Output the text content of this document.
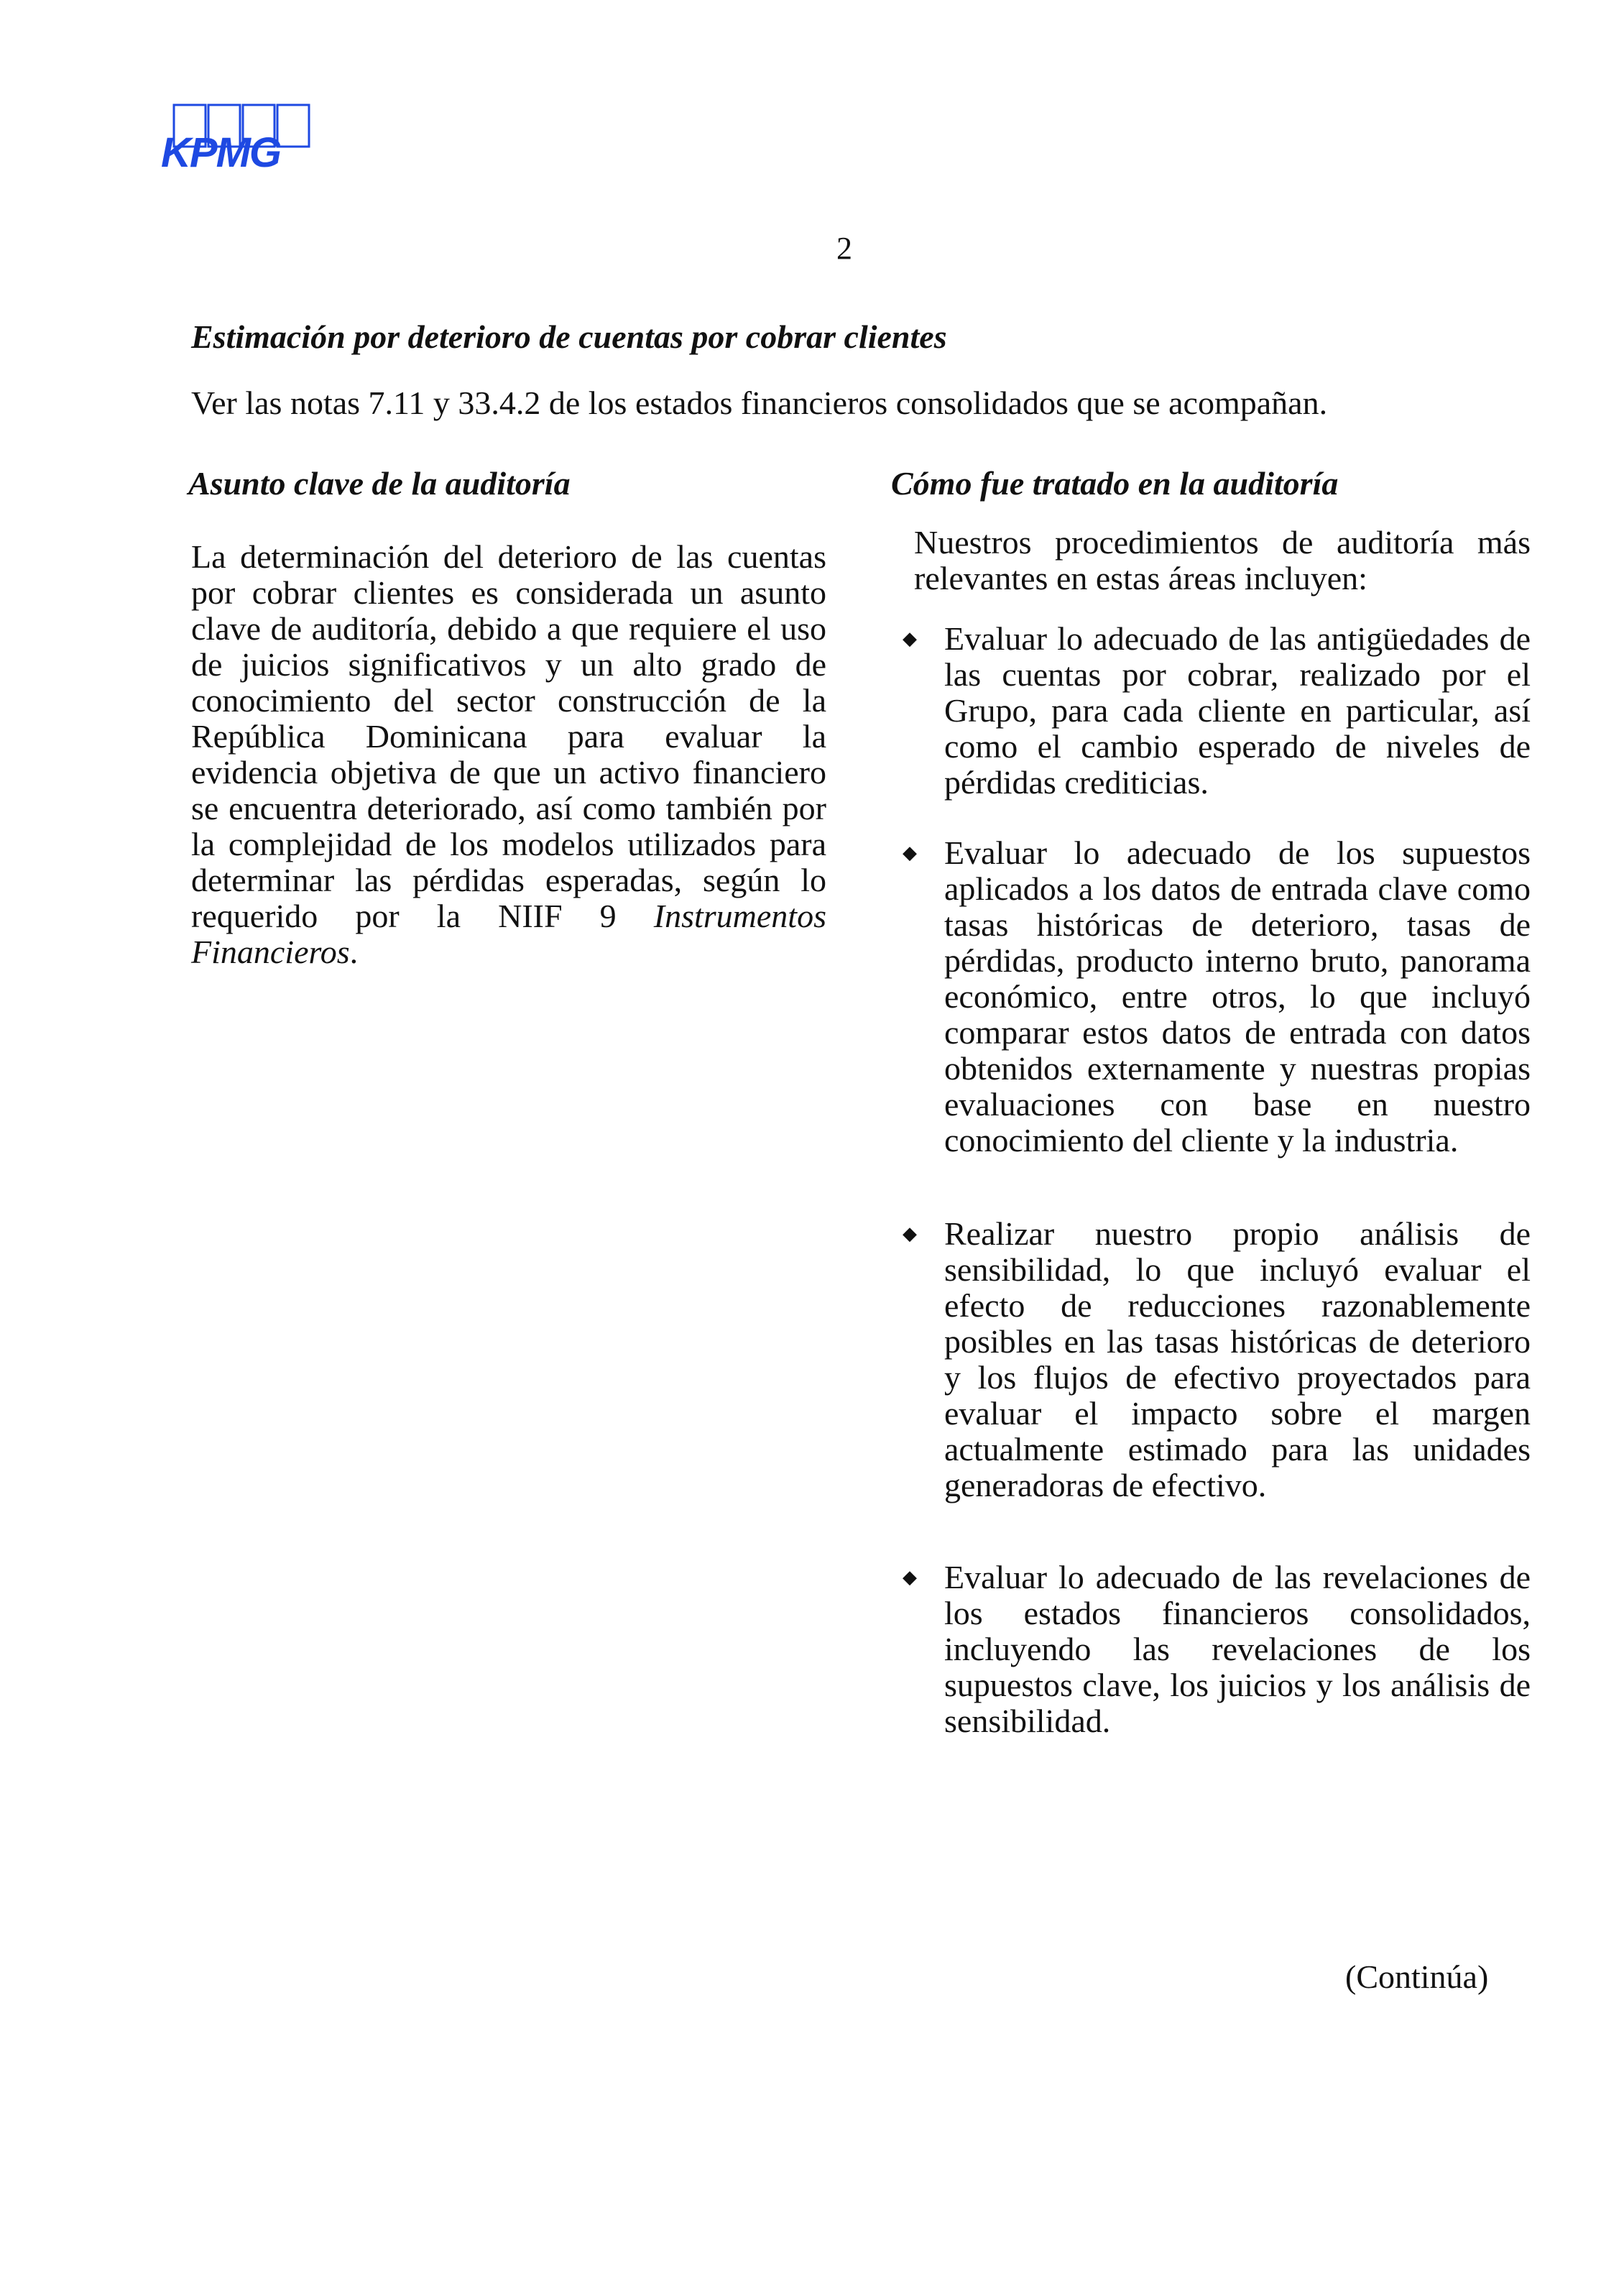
KPMG
2
Estimación por deterioro de cuentas por cobrar clientes

Ver las notas 7.11 y 33.4.2 de los estados financieros consolidados que se acompañan.

Asunto clave de la auditoría	Cómo fue tratado en la auditoría

La determinación del deterioro de las cuentas por cobrar clientes es considerada un asunto clave de auditoría, debido a que requiere el uso de juicios significativos y un alto grado de conocimiento del sector construcción de la República Dominicana para evaluar la evidencia objetiva de que un activo financiero se encuentra deteriorado, así como también por la complejidad de los modelos utilizados para determinar las pérdidas esperadas, según lo requerido por la NIIF 9 Instrumentos Financieros.

Nuestros procedimientos de auditoría más relevantes en estas áreas incluyen:

◆ Evaluar lo adecuado de las antigüedades de las cuentas por cobrar, realizado por el Grupo, para cada cliente en particular, así como el cambio esperado de niveles de pérdidas crediticias.
◆ Evaluar lo adecuado de los supuestos aplicados a los datos de entrada clave como tasas históricas de deterioro, tasas de pérdidas, producto interno bruto, panorama económico, entre otros, lo que incluyó comparar estos datos de entrada con datos obtenidos externamente y nuestras propias evaluaciones con base en nuestro conocimiento del cliente y la industria.
◆ Realizar nuestro propio análisis de sensibilidad, lo que incluyó evaluar el efecto de reducciones razonablemente posibles en las tasas históricas de deterioro y los flujos de efectivo proyectados para evaluar el impacto sobre el margen actualmente estimado para las unidades generadoras de efectivo.
◆ Evaluar lo adecuado de las revelaciones de los estados financieros consolidados, incluyendo las revelaciones de los supuestos clave, los juicios y los análisis de sensibilidad.

(Continúa)
